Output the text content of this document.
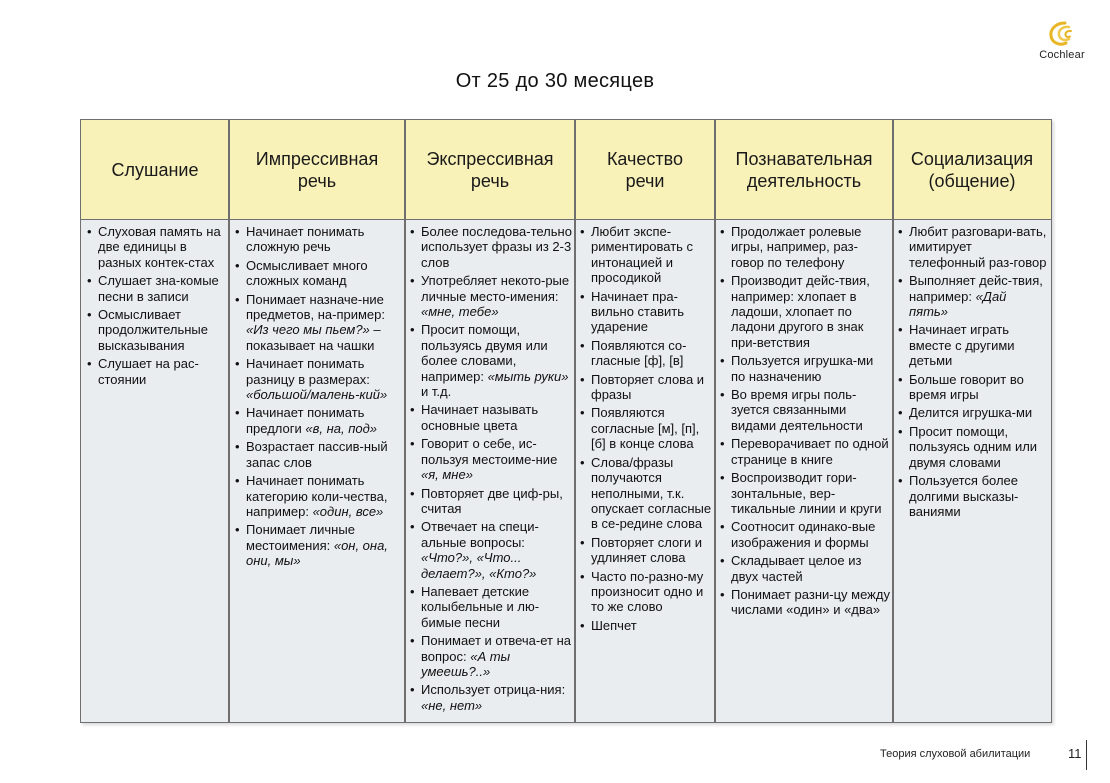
Cochlear
От 25 до 30 месяцев
Слушание
Импрессивная
речь
Экспрессивная
речь
Качество
речи
Познавательная
деятельность
Социализация
(общение)
• Слуховая память на две единицы в разных контек-стах
• Слушает зна-комые песни в записи
• Осмысливает продолжительные высказывания
• Слушает на рас-стоянии
• Начинает понимать сложную речь
• Осмысливает много сложных команд
• Понимает назначе-ние предметов, на-пример: «Из чего мы пьем?» – показывает на чашки
• Начинает понимать разницу в размерах: «большой/малень-кий»
• Начинает понимать предлоги «в, на, под»
• Возрастает пассив-ный запас слов
• Начинает понимать категорию коли-чества, например: «один, все»
• Понимает личные местоимения: «он, она, они, мы»
• Более последова-тельно использует фразы из 2-3 слов
• Употребляет некото-рые личные место-имения: «мне, тебе»
• Просит помощи, пользуясь двумя или более словами, например: «мыть руки» и т.д.
• Начинает называть основные цвета
• Говорит о себе, ис-пользуя местоиме-ние «я, мне»
• Повторяет две циф-ры, считая
• Отвечает на специ-альные вопросы: «Что?», «Что... делает?», «Кто?»
• Напевает детские колыбельные и лю-бимые песни
• Понимает и отвеча-ет на вопрос: «А ты умеешь?..»
• Использует отрица-ния: «не, нет»
• Любит экспе-риментировать с интонацией и просодикой
• Начинает пра-вильно ставить ударение
• Появляются со-гласные [ф], [в]
• Повторяет слова и фразы
• Появляются согласные [м], [п], [б] в конце слова
• Слова/фразы получаются неполными, т.к. опускает согласные в се-редине слова
• Повторяет слоги и удлиняет слова
• Часто по-разно-му произносит одно и то же слово
• Шепчет
• Продолжает ролевые игры, например, раз-говор по телефону
• Производит дейс-твия, например: хлопает в ладоши, хлопает по ладони другого в знак при-ветствия
• Пользуется игрушка-ми по назначению
• Во время игры поль-зуется связанными видами деятельности
• Переворачивает по одной странице в книге
• Воспроизводит гори-зонтальные, вер-тикальные линии и круги
• Соотносит одинако-вые изображения и формы
• Складывает целое из двух частей
• Понимает разни-цу между числами «один» и «два»
• Любит разговари-вать, имитирует телефонный раз-говор
• Выполняет дейс-твия, например: «Дай пять»
• Начинает играть вместе с другими детьми
• Больше говорит во время игры
• Делится игрушка-ми
• Просит помощи, пользуясь одним или двумя словами
• Пользуется более долгими высказы-ваниями
Теория слуховой абилитации	11
